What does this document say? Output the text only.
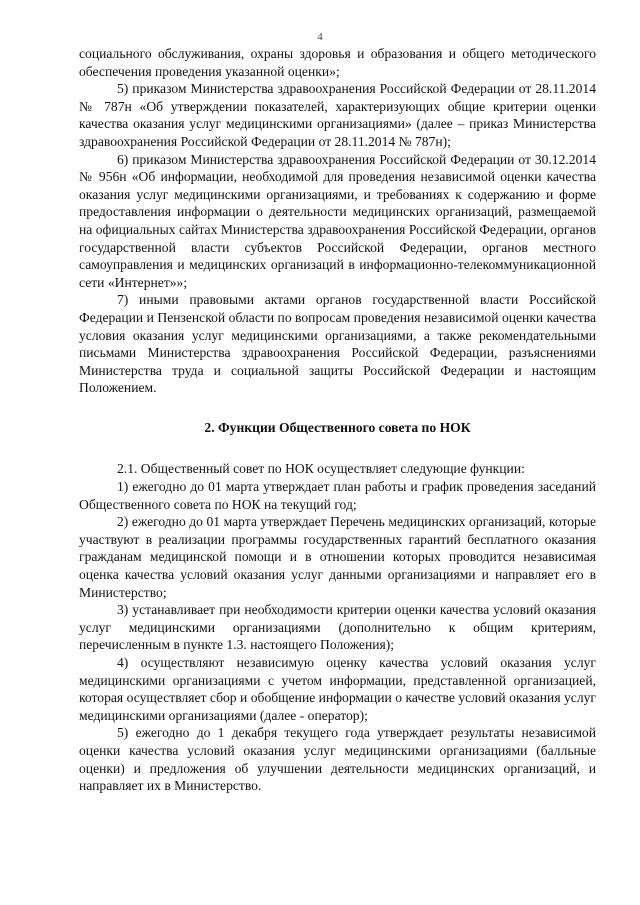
4

социального обслуживания, охраны здоровья и образования и общего методического обеспечения проведения указанной оценки»;

5) приказом Министерства здравоохранения Российской Федерации от 28.11.2014 № 787н «Об утверждении показателей, характеризующих общие критерии оценки качества оказания услуг медицинскими организациями» (далее – приказ Министерства здравоохранения Российской Федерации от 28.11.2014 № 787н);

6) приказом Министерства здравоохранения Российской Федерации от 30.12.2014 № 956н «Об информации, необходимой для проведения независимой оценки качества оказания услуг медицинскими организациями, и требованиях к содержанию и форме предоставления информации о деятельности медицинских организаций, размещаемой на официальных сайтах Министерства здравоохранения Российской Федерации, органов государственной власти субъектов Российской Федерации, органов местного самоуправления и медицинских организаций в информационно-телекоммуникационной сети «Интернет»»;

7) иными правовыми актами органов государственной власти Российской Федерации и Пензенской области по вопросам проведения независимой оценки качества условия оказания услуг медицинскими организациями, а также рекомендательными письмами Министерства здравоохранения Российской Федерации, разъяснениями Министерства труда и социальной защиты Российской Федерации и настоящим Положением.

2. Функции Общественного совета по НОК

2.1. Общественный совет по НОК осуществляет следующие функции:

1) ежегодно до 01 марта утверждает план работы и график проведения заседаний Общественного совета по НОК на текущий год;

2) ежегодно до 01 марта утверждает Перечень медицинских организаций, которые участвуют в реализации программы государственных гарантий бесплатного оказания гражданам медицинской помощи и в отношении которых проводится независимая оценка качества условий оказания услуг данными организациями и направляет его в Министерство;

3) устанавливает при необходимости критерии оценки качества условий оказания услуг медицинскими организациями (дополнительно к общим критериям, перечисленным в пункте 1.3. настоящего Положения);

4) осуществляют независимую оценку качества условий оказания услуг медицинскими организациями с учетом информации, представленной организацией, которая осуществляет сбор и обобщение информации о качестве условий оказания услуг медицинскими организациями (далее - оператор);

5) ежегодно до 1 декабря текущего года утверждает результаты независимой оценки качества условий оказания услуг медицинскими организациями (балльные оценки) и предложения об улучшении деятельности медицинских организаций, и направляет их в Министерство.
